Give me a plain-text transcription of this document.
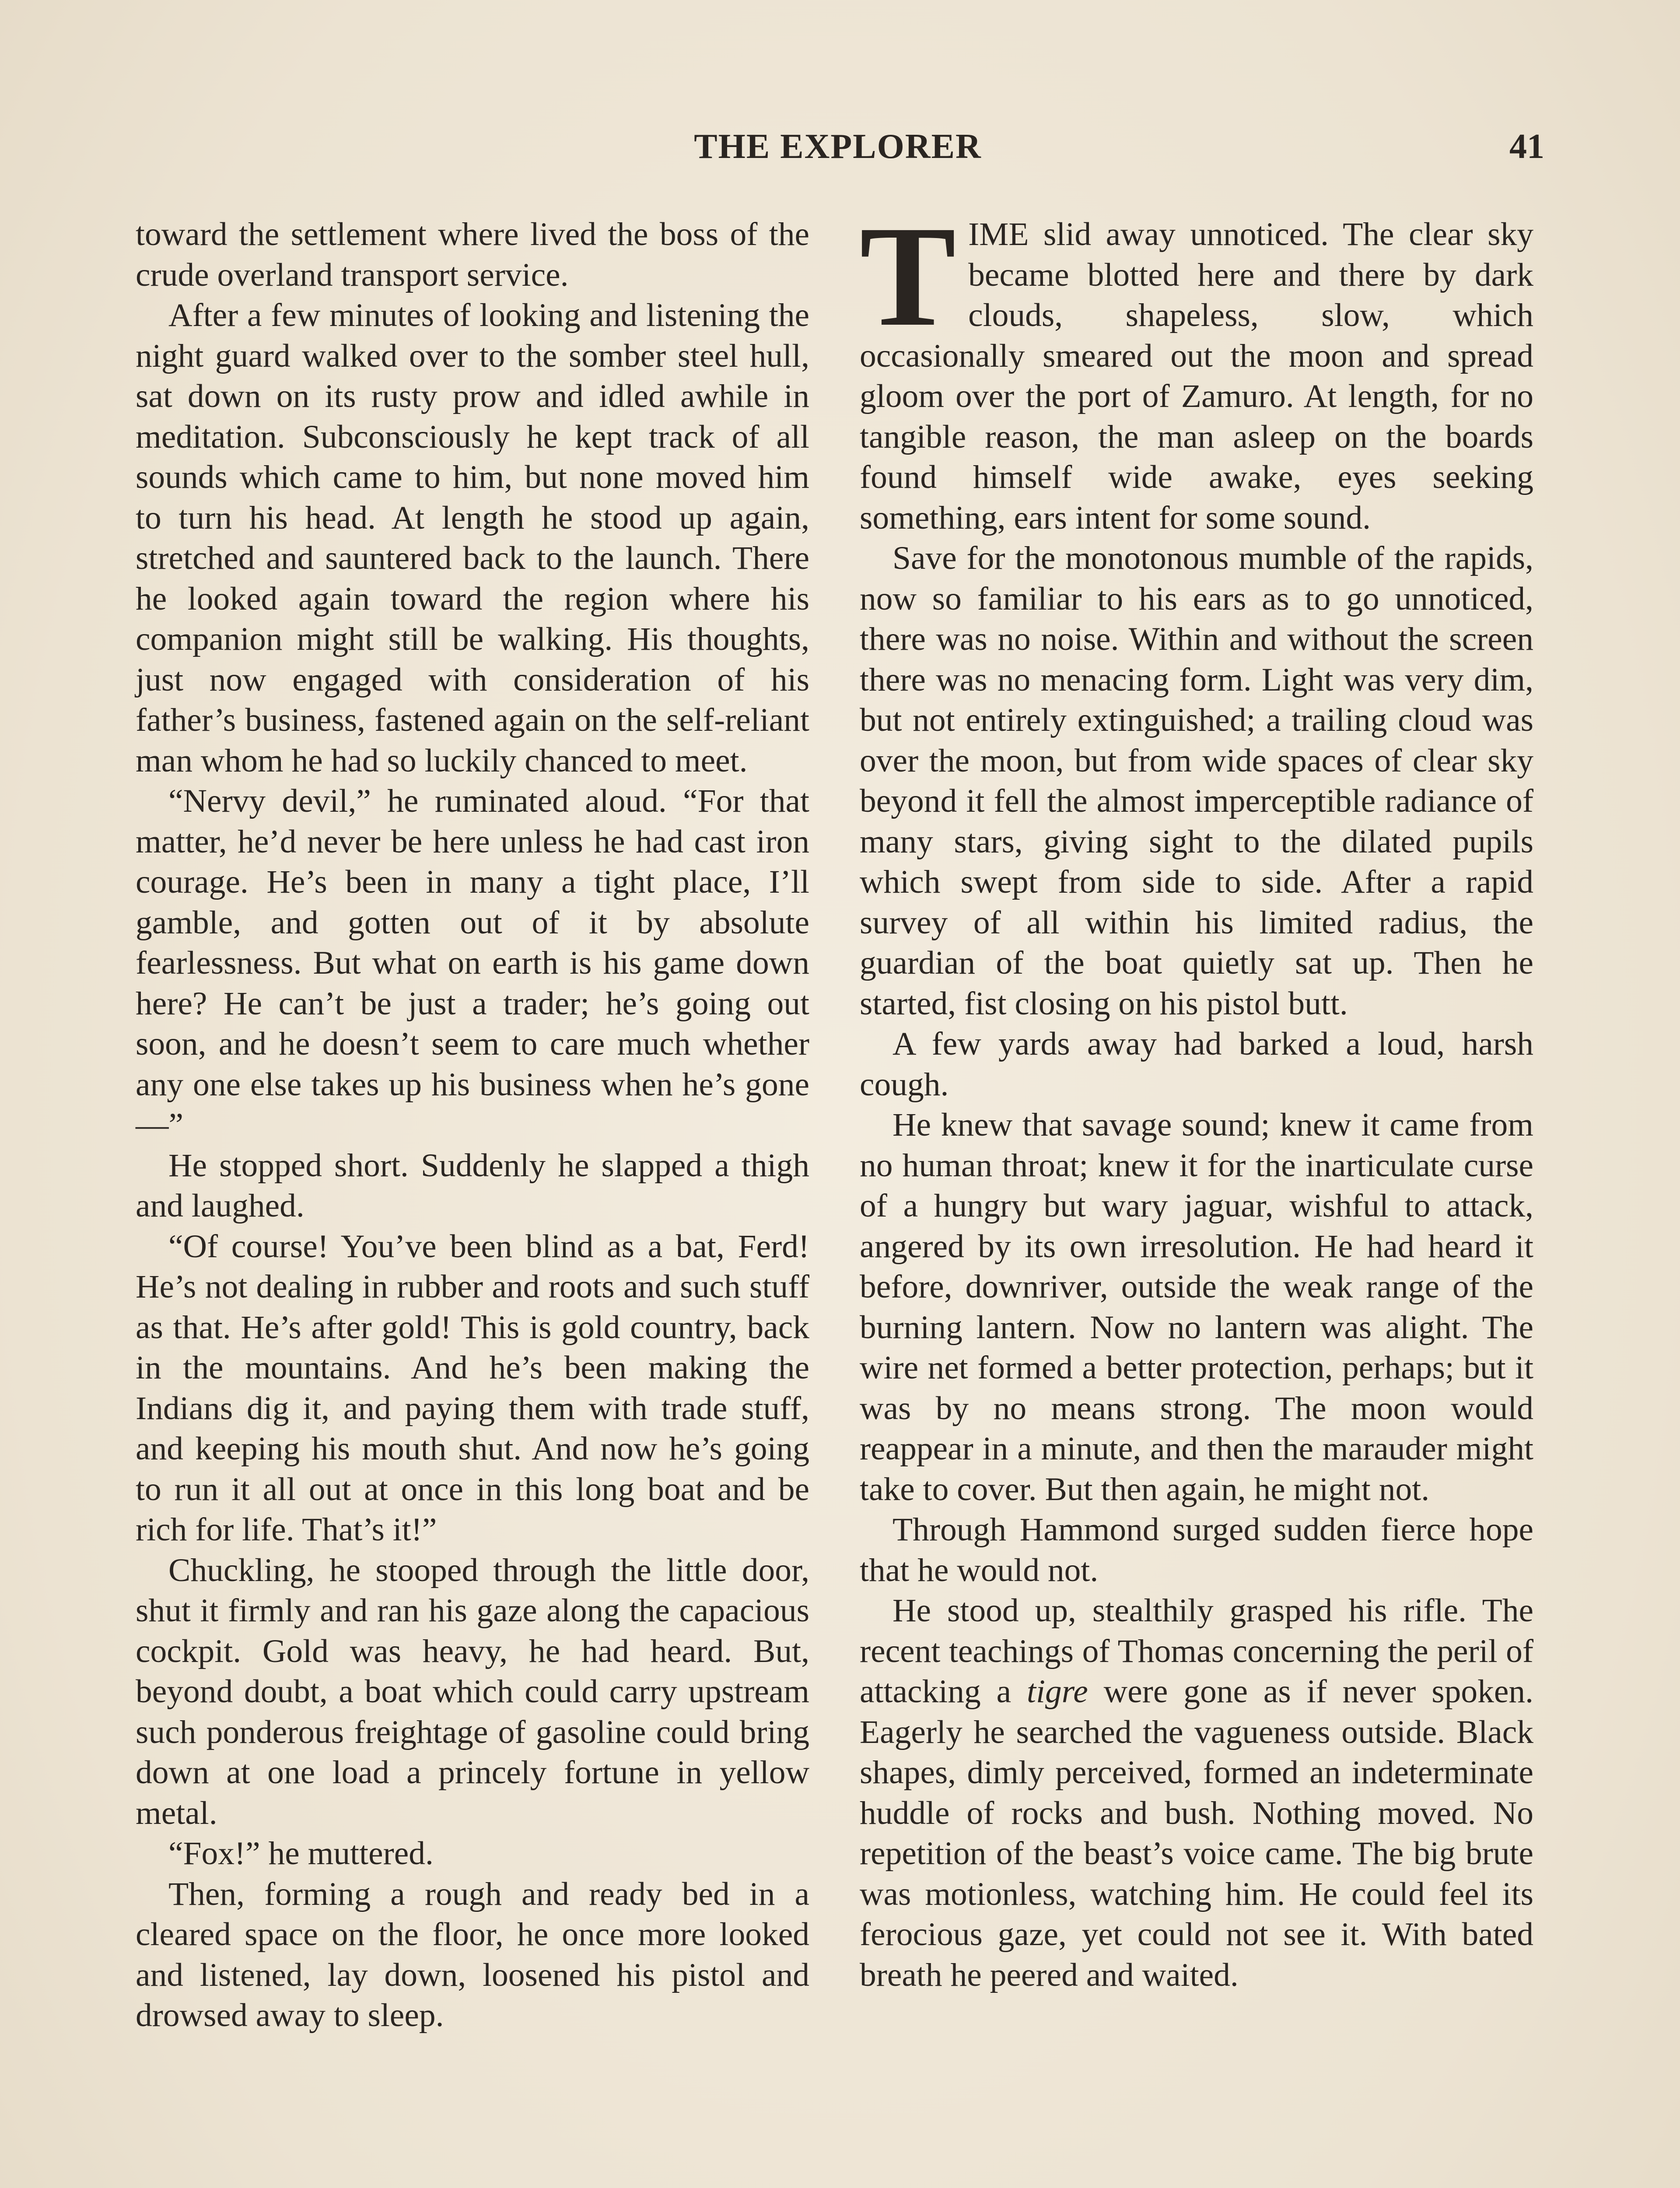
THE EXPLORER	41

toward the settlement where lived the boss of the crude overland transport service.

After a few minutes of looking and listening the night guard walked over to the somber steel hull, sat down on its rusty prow and idled awhile in meditation. Subconsciously he kept track of all sounds which came to him, but none moved him to turn his head. At length he stood up again, stretched and sauntered back to the launch. There he looked again toward the region where his companion might still be walking. His thoughts, just now engaged with consideration of his father’s business, fastened again on the self-reliant man whom he had so luckily chanced to meet.

“Nervy devil,” he ruminated aloud. “For that matter, he’d never be here unless he had cast iron courage. He’s been in many a tight place, I’ll gamble, and gotten out of it by absolute fearlessness. But what on earth is his game down here? He can’t be just a trader; he’s going out soon, and he doesn’t seem to care much whether any one else takes up his business when he’s gone—”

He stopped short. Suddenly he slapped a thigh and laughed.

“Of course! You’ve been blind as a bat, Ferd! He’s not dealing in rubber and roots and such stuff as that. He’s after gold! This is gold country, back in the mountains. And he’s been making the Indians dig it, and paying them with trade stuff, and keeping his mouth shut. And now he’s going to run it all out at once in this long boat and be rich for life. That’s it!”

Chuckling, he stooped through the little door, shut it firmly and ran his gaze along the capacious cockpit. Gold was heavy, he had heard. But, beyond doubt, a boat which could carry upstream such ponderous freightage of gasoline could bring down at one load a princely fortune in yellow metal.

“Fox!” he muttered.

Then, forming a rough and ready bed in a cleared space on the floor, he once more looked and listened, lay down, loosened his pistol and drowsed away to sleep.

TIME slid away unnoticed. The clear sky became blotted here and there by dark clouds, shapeless, slow, which occasionally smeared out the moon and spread gloom over the port of Zamuro. At length, for no tangible reason, the man asleep on the boards found himself wide awake, eyes seeking something, ears intent for some sound.

Save for the monotonous mumble of the rapids, now so familiar to his ears as to go unnoticed, there was no noise. Within and without the screen there was no menacing form. Light was very dim, but not entirely extinguished; a trailing cloud was over the moon, but from wide spaces of clear sky beyond it fell the almost imperceptible radiance of many stars, giving sight to the dilated pupils which swept from side to side. After a rapid survey of all within his limited radius, the guardian of the boat quietly sat up. Then he started, fist closing on his pistol butt.

A few yards away had barked a loud, harsh cough.

He knew that savage sound; knew it came from no human throat; knew it for the inarticulate curse of a hungry but wary jaguar, wishful to attack, angered by its own irresolution. He had heard it before, downriver, outside the weak range of the burning lantern. Now no lantern was alight. The wire net formed a better protection, perhaps; but it was by no means strong. The moon would reappear in a minute, and then the marauder might take to cover. But then again, he might not.

Through Hammond surged sudden fierce hope that he would not.

He stood up, stealthily grasped his rifle. The recent teachings of Thomas concerning the peril of attacking a tigre were gone as if never spoken. Eagerly he searched the vagueness outside. Black shapes, dimly perceived, formed an indeterminate huddle of rocks and bush. Nothing moved. No repetition of the beast’s voice came. The big brute was motionless, watching him. He could feel its ferocious gaze, yet could not see it. With bated breath he peered and waited.
